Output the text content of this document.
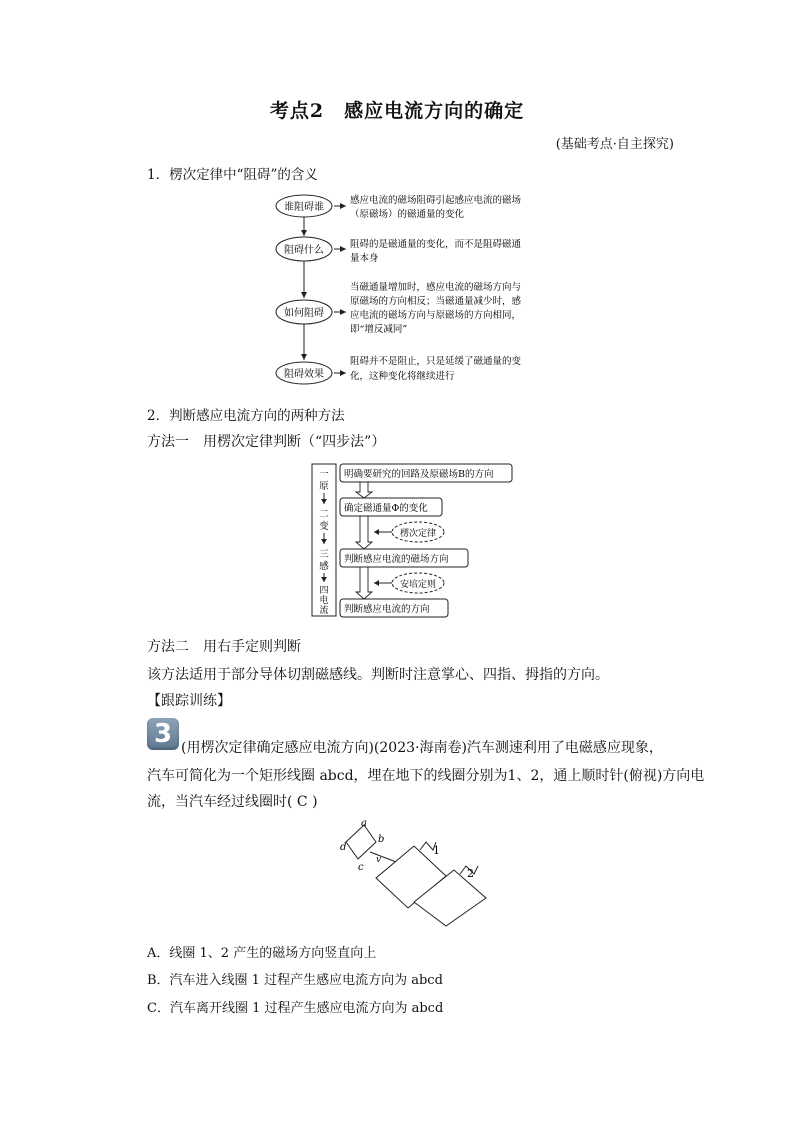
考点2　感应电流方向的确定
(基础考点·自主探究)
1．楞次定律中“阻碍”的含义
谁阻碍谁
阻碍什么
如何阻碍
阻碍效果
感应电流的磁场阻碍引起感应电流的磁场
（原磁场）的磁通量的变化
阻碍的是磁通量的变化，而不是阻碍磁通
量本身
当磁通量增加时，感应电流的磁场方向与
原磁场的方向相反；当磁通量减少时，感
应电流的磁场方向与原磁场的方向相同，
即“增反减同”
阻碍并不是阻止，只是延缓了磁通量的变
化，这种变化将继续进行
2．判断感应电流方向的两种方法
方法一　用楞次定律判断（“四步法”）
一
原
二
变
三
感
四
电
流
明确要研究的回路及原磁场B的方向
确定磁通量Φ的变化
判断感应电流的磁场方向
判断感应电流的方向
楞次定律
安培定则
方法二　用右手定则判断
该方法适用于部分导体切割磁感线。判断时注意掌心、四指、拇指的方向。
【跟踪训练】
3 (用楞次定律确定感应电流方向)(2023·海南卷)汽车测速利用了电磁感应现象，
汽车可简化为一个矩形线圈 abcd，埋在地下的线圈分别为1、2，通上顺时针(俯视)方向电
流，当汽车经过线圈时( C )
a
b
d
c
v
1
2
A．线圈 1、2 产生的磁场方向竖直向上
B．汽车进入线圈 1 过程产生感应电流方向为 abcd
C．汽车离开线圈 1 过程产生感应电流方向为 abcd
